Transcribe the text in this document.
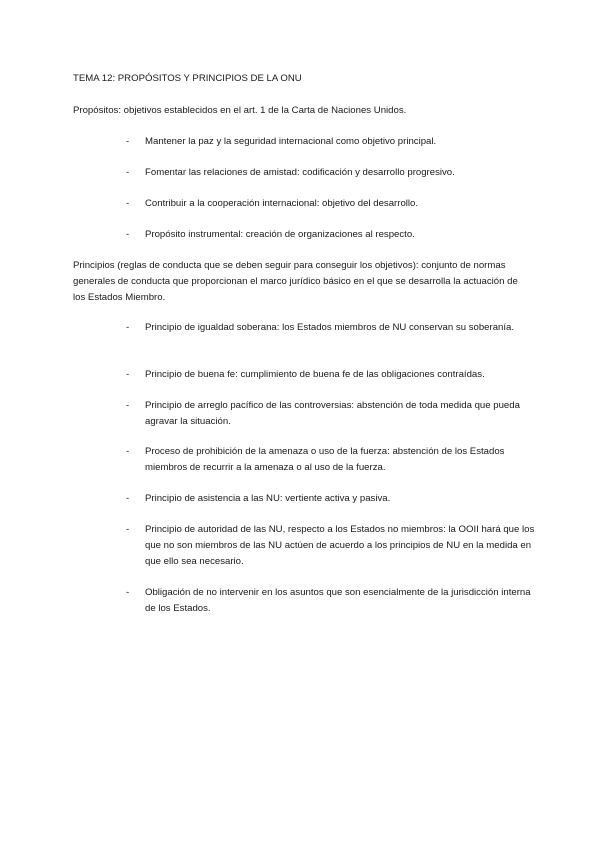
TEMA 12: PROPÓSITOS Y PRINCIPIOS DE LA ONU

Propósitos: objetivos establecidos en el art. 1 de la Carta de Naciones Unidos.

-	Mantener la paz y la seguridad internacional como objetivo principal.
-	Fomentar las relaciones de amistad: codificación y desarrollo progresivo.
-	Contribuir a la cooperación internacional: objetivo del desarrollo.
-	Propósito instrumental: creación de organizaciones al respecto.

Principios (reglas de conducta que se deben seguir para conseguir los objetivos): conjunto de normas generales de conducta que proporcionan el marco jurídico básico en el que se desarrolla la actuación de los Estados Miembro.

-	Principio de igualdad soberana: los Estados miembros de NU conservan su soberanía.
-	Principio de buena fe: cumplimiento de buena fe de las obligaciones contraídas.
-	Principio de arreglo pacífico de las controversias: abstención de toda medida que pueda agravar la situación.
-	Proceso de prohibición de la amenaza o uso de la fuerza: abstención de los Estados miembros de recurrir a la amenaza o al uso de la fuerza.
-	Principio de asistencia a las NU: vertiente activa y pasiva.
-	Principio de autoridad de las NU, respecto a los Estados no miembros: la OOII hará que los que no son miembros de las NU actúen de acuerdo a los principios de NU en la medida en que ello sea necesario.
-	Obligación de no intervenir en los asuntos que son esencialmente de la jurisdicción interna de los Estados.
